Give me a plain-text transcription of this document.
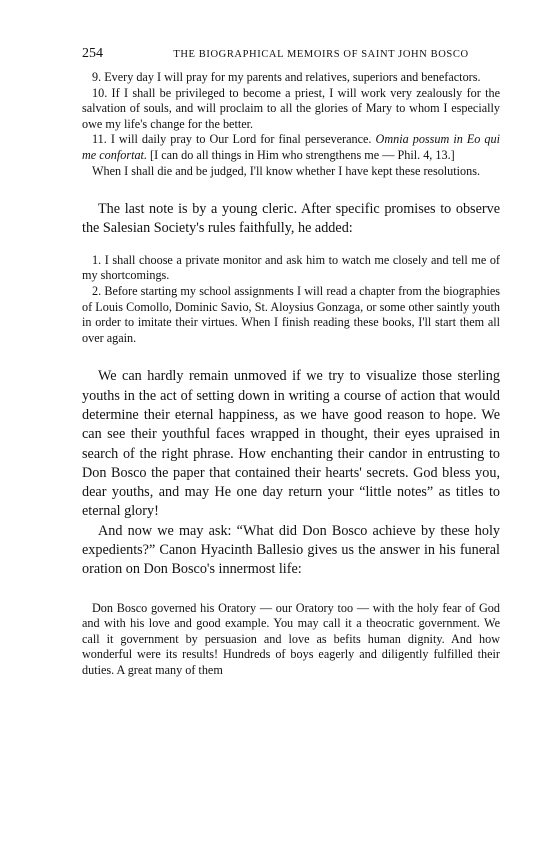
254	THE BIOGRAPHICAL MEMOIRS OF SAINT JOHN BOSCO

9. Every day I will pray for my parents and relatives, superiors and benefactors.

10. If I shall be privileged to become a priest, I will work very zealously for the salvation of souls, and will proclaim to all the glories of Mary to whom I especially owe my life's change for the better.

11. I will daily pray to Our Lord for final perseverance. Omnia possum in Eo qui me confortat. [I can do all things in Him who strengthens me — Phil. 4, 13.]

When I shall die and be judged, I'll know whether I have kept these resolutions.

The last note is by a young cleric. After specific promises to observe the Salesian Society's rules faithfully, he added:

1. I shall choose a private monitor and ask him to watch me closely and tell me of my shortcomings.

2. Before starting my school assignments I will read a chapter from the biographies of Louis Comollo, Dominic Savio, St. Aloysius Gonzaga, or some other saintly youth in order to imitate their virtues. When I finish reading these books, I'll start them all over again.

We can hardly remain unmoved if we try to visualize those sterling youths in the act of setting down in writing a course of action that would determine their eternal happiness, as we have good reason to hope. We can see their youthful faces wrapped in thought, their eyes upraised in search of the right phrase. How enchanting their candor in entrusting to Don Bosco the paper that contained their hearts' secrets. God bless you, dear youths, and may He one day return your “little notes” as titles to eternal glory!

And now we may ask: “What did Don Bosco achieve by these holy expedients?” Canon Hyacinth Ballesio gives us the answer in his funeral oration on Don Bosco's innermost life:

Don Bosco governed his Oratory — our Oratory too — with the holy fear of God and with his love and good example. You may call it a theocratic government. We call it government by persuasion and love as befits human dignity. And how wonderful were its results! Hundreds of boys eagerly and diligently fulfilled their duties. A great many of them
